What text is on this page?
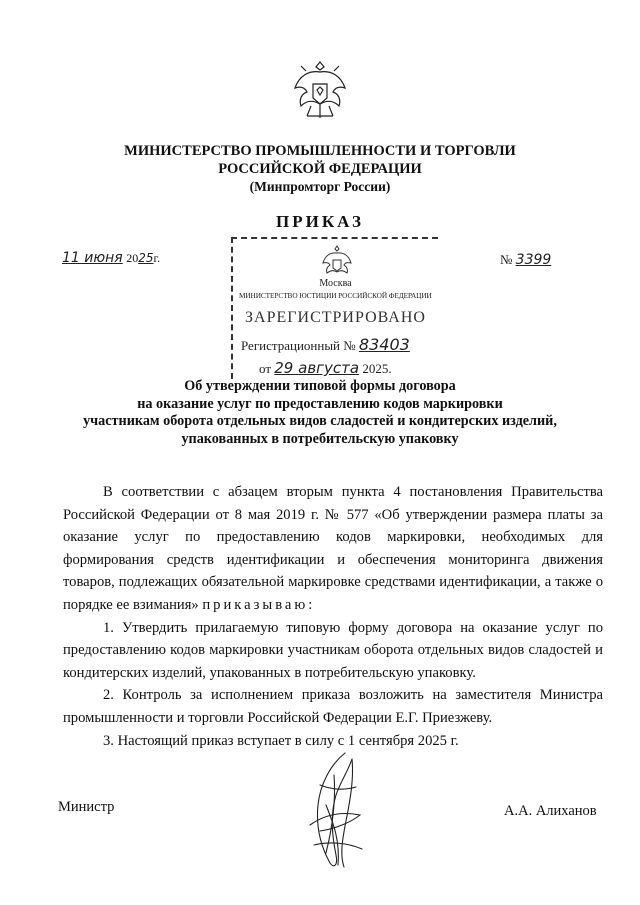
МИНИСТЕРСТВО ПРОМЫШЛЕННОСТИ И ТОРГОВЛИ
РОССИЙСКОЙ ФЕДЕРАЦИИ
(Минпромторг России)
ПРИКАЗ
11 июня 2025г.	№ 3399
Москва
МИНИСТЕРСТВО ЮСТИЦИИ РОССИЙСКОЙ ФЕДЕРАЦИИ
ЗАРЕГИСТРИРОВАНО
Регистрационный № 83403
от 29 августа 2025.
Об утверждении типовой формы договора
на оказание услуг по предоставлению кодов маркировки
участникам оборота отдельных видов сладостей и кондитерских изделий,
упакованных в потребительскую упаковку

В соответствии с абзацем вторым пункта 4 постановления Правительства Российской Федерации от 8 мая 2019 г. № 577 «Об утверждении размера платы за оказание услуг по предоставлению кодов маркировки, необходимых для формирования средств идентификации и обеспечения мониторинга движения товаров, подлежащих обязательной маркировке средствами идентификации, а также о порядке ее взимания» приказываю:

1. Утвердить прилагаемую типовую форму договора на оказание услуг по предоставлению кодов маркировки участникам оборота отдельных видов сладостей и кондитерских изделий, упакованных в потребительскую упаковку.

2. Контроль за исполнением приказа возложить на заместителя Министра промышленности и торговли Российской Федерации Е.Г. Приезжеву.

3. Настоящий приказ вступает в силу с 1 сентября 2025 г.

Министр	А.А. Алиханов
